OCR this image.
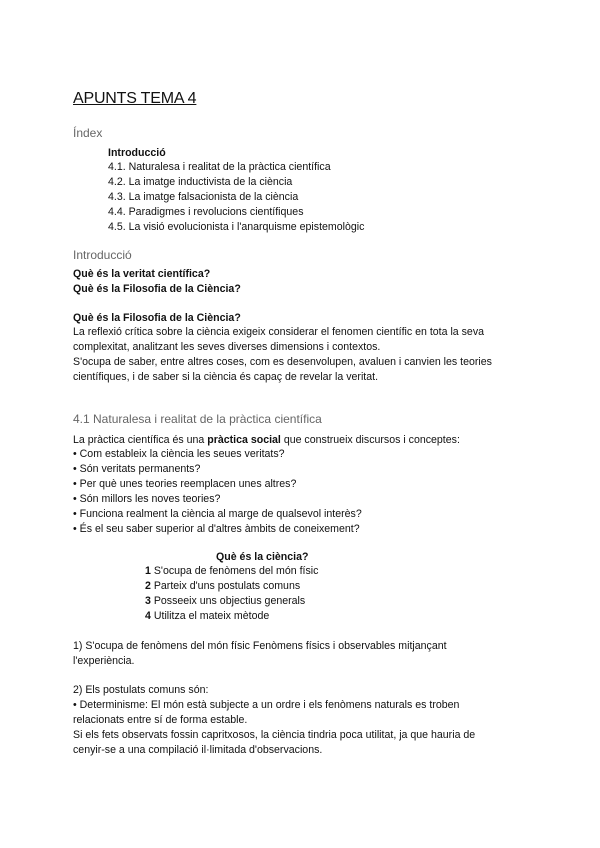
APUNTS TEMA 4
Índex
Introducció
4.1. Naturalesa i realitat de la pràctica científica
4.2. La imatge inductivista de la ciència
4.3. La imatge falsacionista de la ciència
4.4. Paradigmes i revolucions científiques
4.5. La visió evolucionista i l'anarquisme epistemològic
Introducció
Què és la veritat científica?
Què és la Filosofia de la Ciència?
Què és la Filosofia de la Ciència?
La reflexió crítica sobre la ciència exigeix considerar el fenomen científic en tota la seva
complexitat, analitzant les seves diverses dimensions i contextos.
S'ocupa de saber, entre altres coses, com es desenvolupen, avaluen i canvien les teories
científiques, i de saber si la ciència és capaç de revelar la veritat.
4.1 Naturalesa i realitat de la pràctica científica
La pràctica científica és una pràctica social que construeix discursos i conceptes:
• Com estableix la ciència les seues veritats?
• Són veritats permanents?
• Per què unes teories reemplacen unes altres?
• Són millors les noves teories?
• Funciona realment la ciència al marge de qualsevol interès?
• És el seu saber superior al d'altres àmbits de coneixement?
Què és la ciència?
1 S'ocupa de fenòmens del món físic
2 Parteix d'uns postulats comuns
3 Posseeix uns objectius generals
4 Utilitza el mateix mètode
1) S'ocupa de fenòmens del món físic Fenòmens físics i observables mitjançant
l'experiència.
2) Els postulats comuns són:
• Determinisme: El món està subjecte a un ordre i els fenòmens naturals es troben
relacionats entre sí de forma estable.
Si els fets observats fossin capritxosos, la ciència tindria poca utilitat, ja que hauria de
cenyir-se a una compilació il·limitada d'observacions.
